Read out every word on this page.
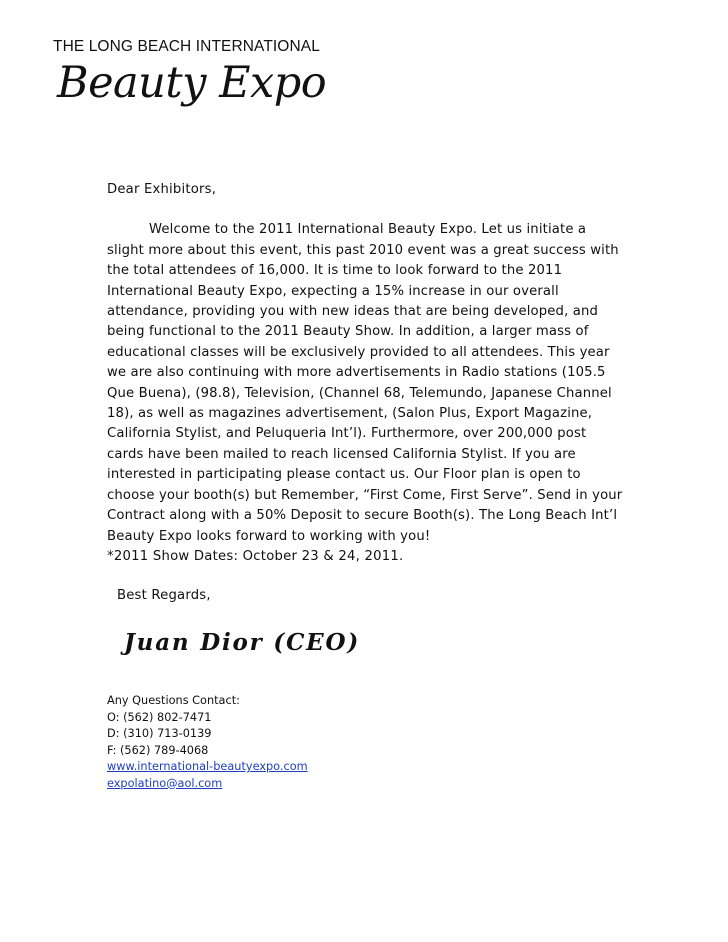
THE LONG BEACH INTERNATIONAL
Beauty Expo

Dear Exhibitors,

Welcome to the 2011 International Beauty Expo. Let us initiate a slight more about this event, this past 2010 event was a great success with the total attendees of 16,000. It is time to look forward to the 2011 International Beauty Expo, expecting a 15% increase in our overall attendance, providing you with new ideas that are being developed, and being functional to the 2011 Beauty Show. In addition, a larger mass of educational classes will be exclusively provided to all attendees. This year we are also continuing with more advertisements in Radio stations (105.5 Que Buena), (98.8), Television, (Channel 68, Telemundo, Japanese Channel 18), as well as magazines advertisement, (Salon Plus, Export Magazine, California Stylist, and Peluqueria Int’l). Furthermore, over 200,000 post cards have been mailed to reach licensed California Stylist. If you are interested in participating please contact us. Our Floor plan is open to choose your booth(s) but Remember, “First Come, First Serve”. Send in your Contract along with a 50% Deposit to secure Booth(s). The Long Beach Int’l Beauty Expo looks forward to working with you!

*2011 Show Dates: October 23 & 24, 2011.

Best Regards,
Juan Dior (CEO)
Any Questions Contact:
O: (562) 802-7471
D: (310) 713-0139
F: (562) 789-4068
www.international-beautyexpo.com
expolatino@aol.com
